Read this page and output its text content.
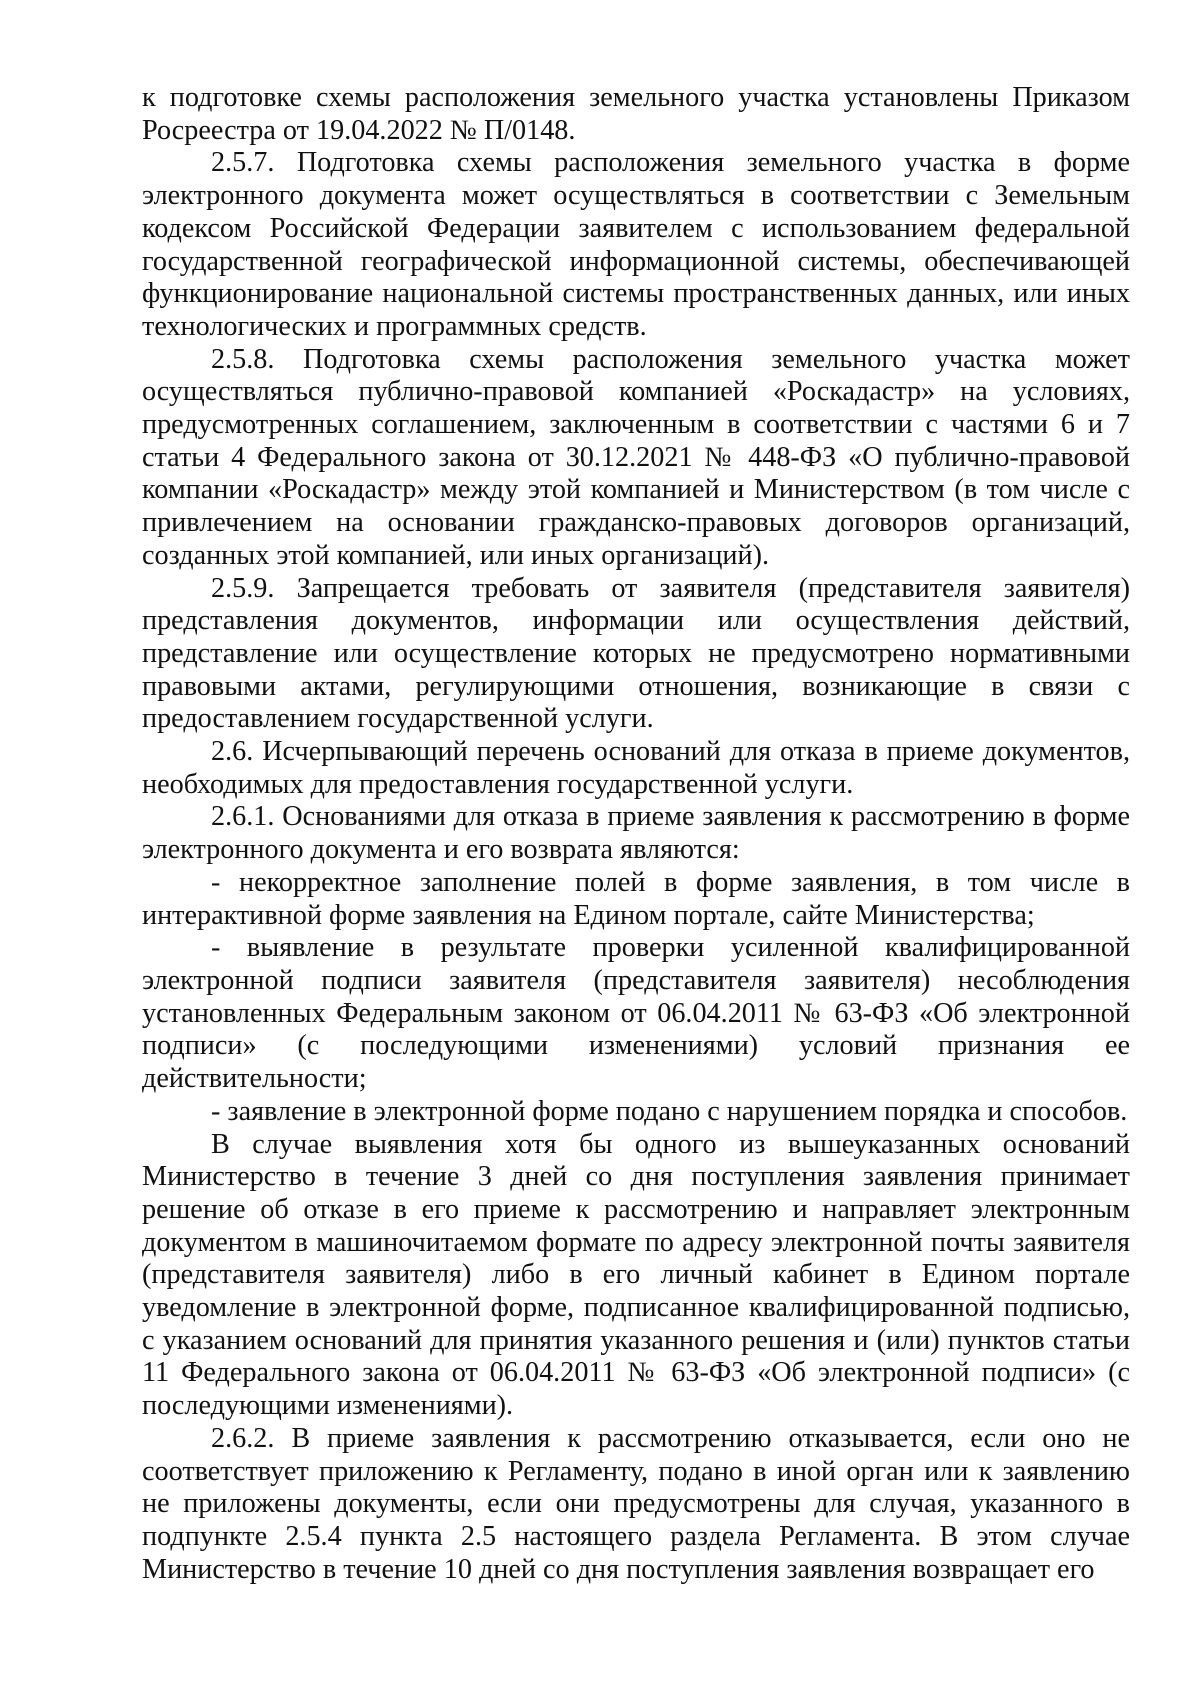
к подготовке схемы расположения земельного участка установлены Приказом Росреестра от 19.04.2022 № П/0148.

2.5.7. Подготовка схемы расположения земельного участка в форме электронного документа может осуществляться в соответствии с Земельным кодексом Российской Федерации заявителем с использованием федеральной государственной географической информационной системы, обеспечивающей функционирование национальной системы пространственных данных, или иных технологических и программных средств.

2.5.8. Подготовка схемы расположения земельного участка может осуществляться публично-правовой компанией «Роскадастр» на условиях, предусмотренных соглашением, заключенным в соответствии с частями 6 и 7 статьи 4 Федерального закона от 30.12.2021 № 448-ФЗ «О публично-правовой компании «Роскадастр» между этой компанией и Министерством (в том числе с привлечением на основании гражданско-правовых договоров организаций, созданных этой компанией, или иных организаций).

2.5.9. Запрещается требовать от заявителя (представителя заявителя) представления документов, информации или осуществления действий, представление или осуществление которых не предусмотрено нормативными правовыми актами, регулирующими отношения, возникающие в связи с предоставлением государственной услуги.

2.6. Исчерпывающий перечень оснований для отказа в приеме документов, необходимых для предоставления государственной услуги.

2.6.1. Основаниями для отказа в приеме заявления к рассмотрению в форме электронного документа и его возврата являются:

- некорректное заполнение полей в форме заявления, в том числе в интерактивной форме заявления на Едином портале, сайте Министерства;

- выявление в результате проверки усиленной квалифицированной электронной подписи заявителя (представителя заявителя) несоблюдения установленных Федеральным законом от 06.04.2011 № 63-ФЗ «Об электронной подписи» (с последующими изменениями) условий признания ее действительности;

- заявление в электронной форме подано с нарушением порядка и способов.

В случае выявления хотя бы одного из вышеуказанных оснований Министерство в течение 3 дней со дня поступления заявления принимает решение об отказе в его приеме к рассмотрению и направляет электронным документом в машиночитаемом формате по адресу электронной почты заявителя (представителя заявителя) либо в его личный кабинет в Едином портале уведомление в электронной форме, подписанное квалифицированной подписью, с указанием оснований для принятия указанного решения и (или) пунктов статьи 11 Федерального закона от 06.04.2011 № 63-ФЗ «Об электронной подписи» (с последующими изменениями).

2.6.2. В приеме заявления к рассмотрению отказывается, если оно не соответствует приложению к Регламенту, подано в иной орган или к заявлению не приложены документы, если они предусмотрены для случая, указанного в подпункте 2.5.4 пункта 2.5 настоящего раздела Регламента. В этом случае Министерство в течение 10 дней со дня поступления заявления возвращает его
